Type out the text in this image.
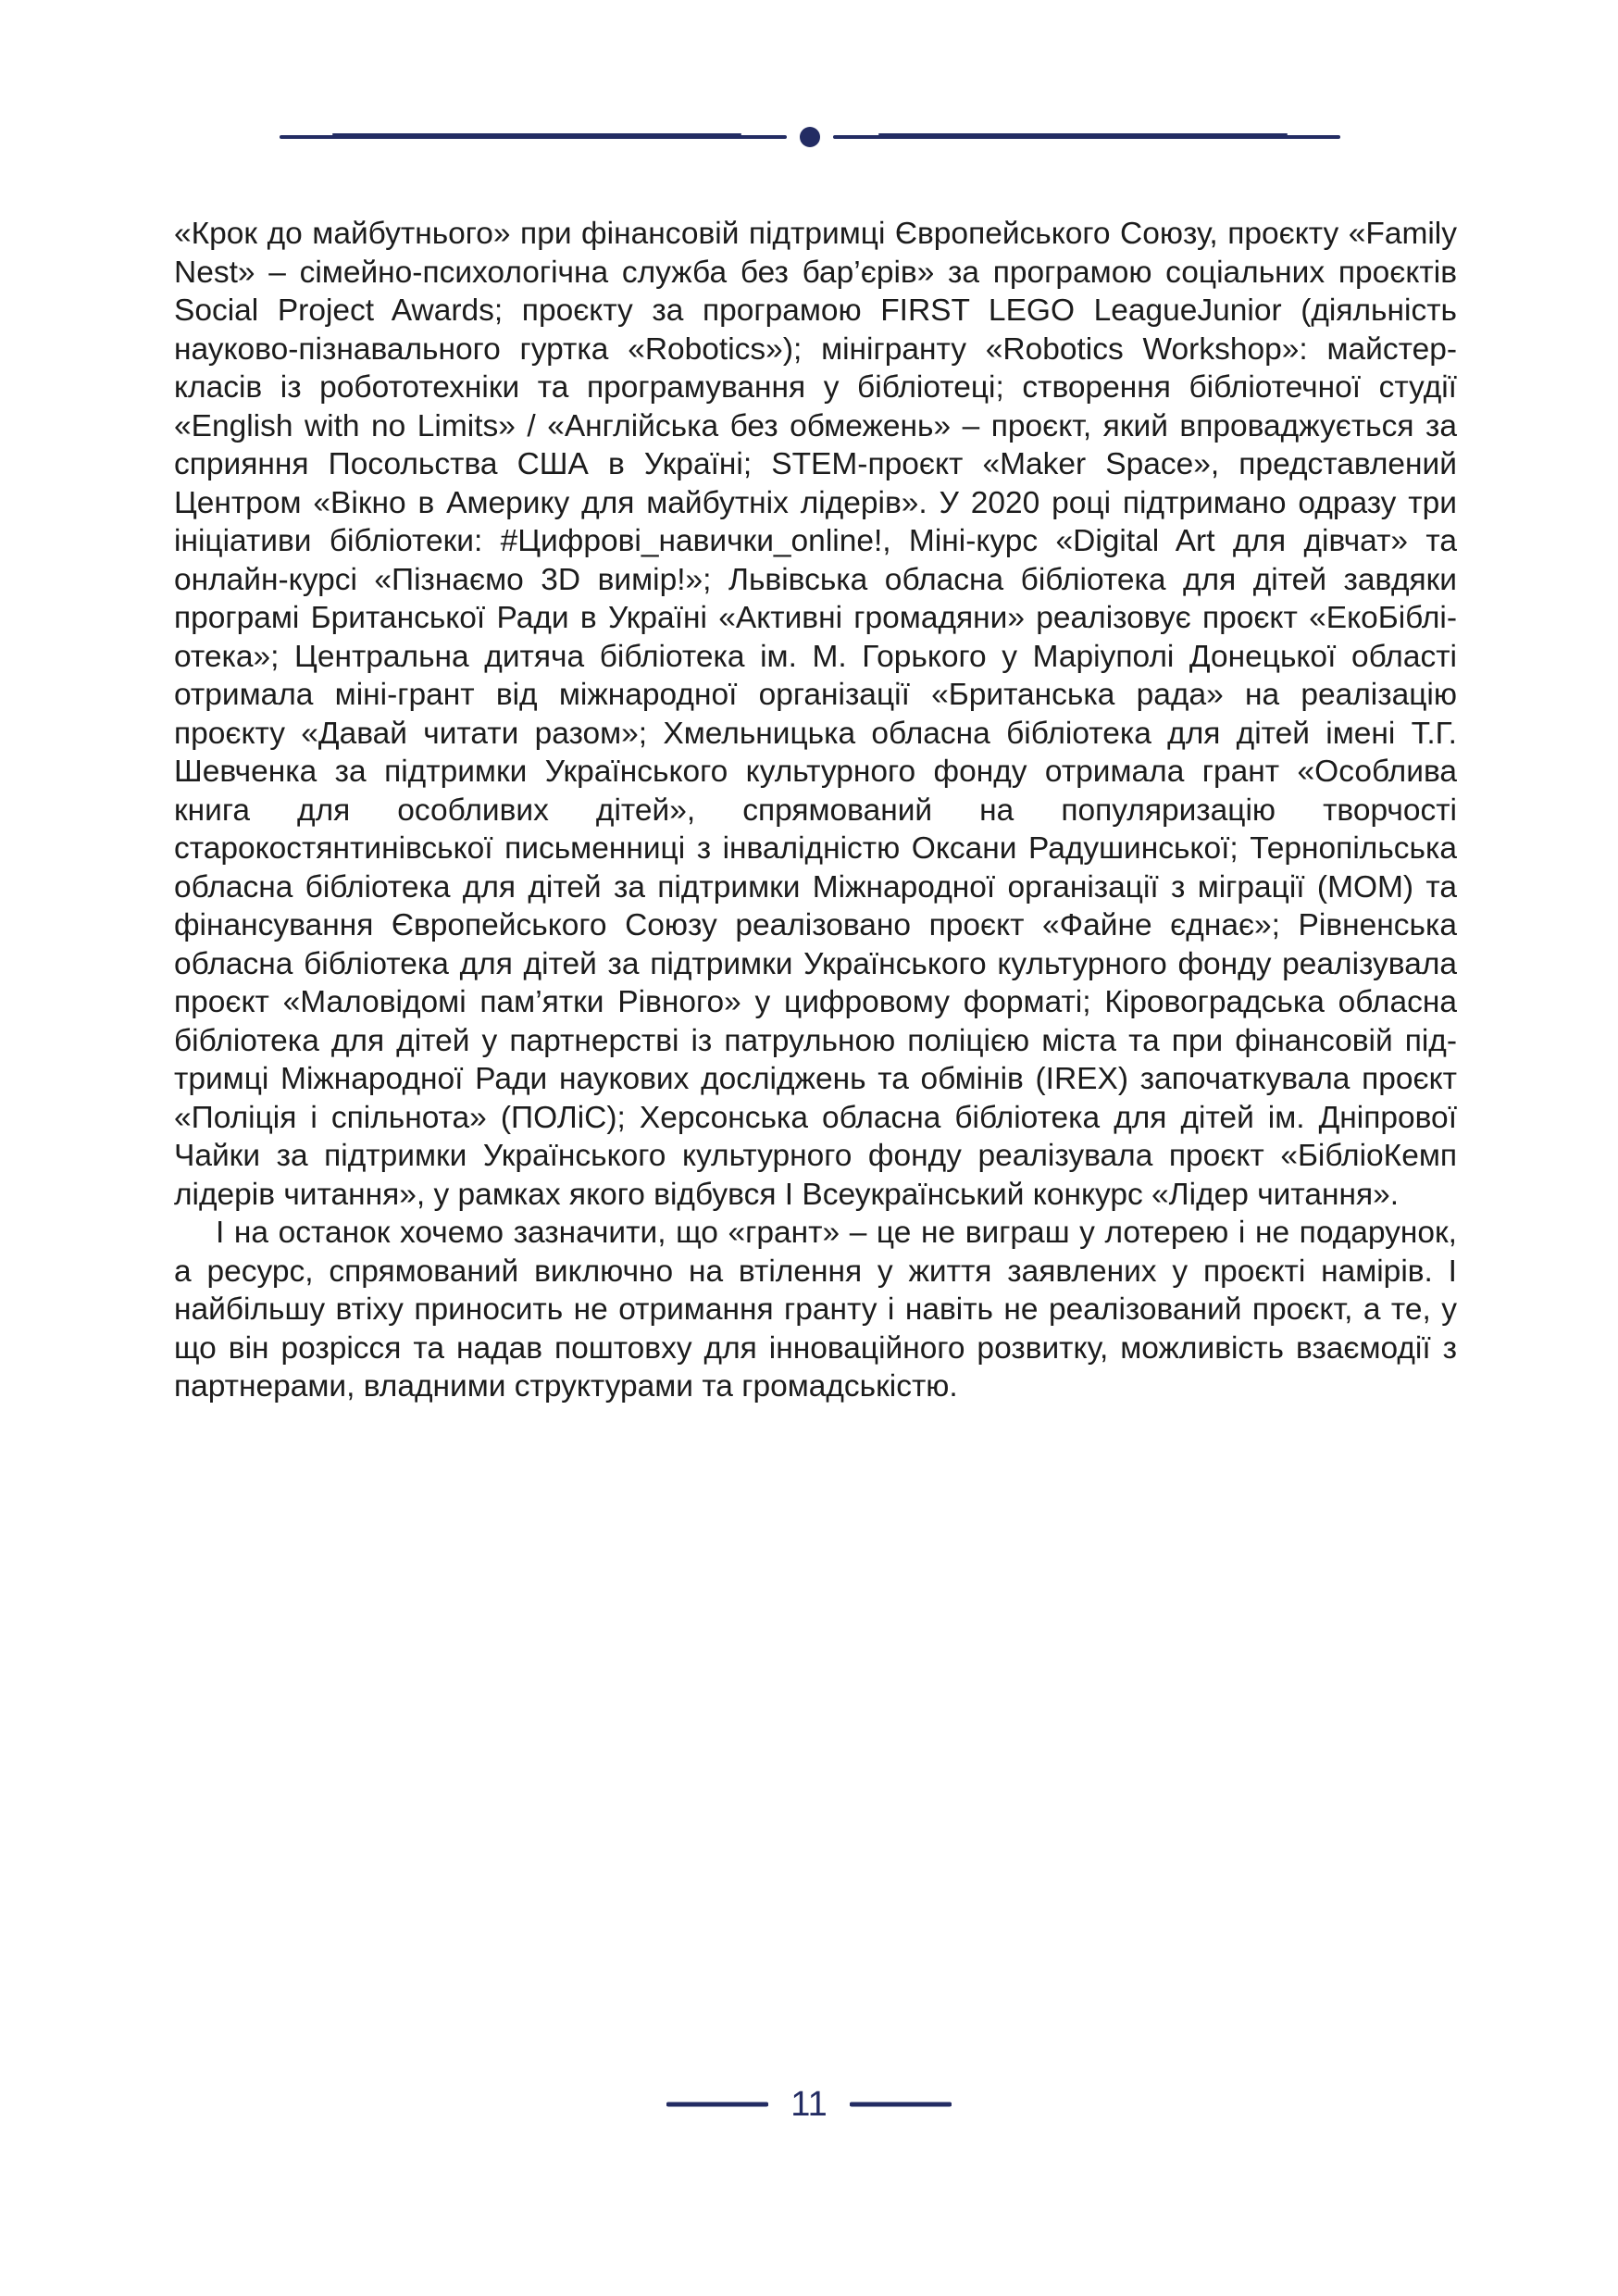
«Крок до майбутнього» при фінансовій підтримці Європейського Союзу, проєкту «Family Nest» – сімейно-психологічна служба без бар’єрів» за програмою соціальних проєктів Social Project Awards; проєкту за програмою FIRST LEGO LeagueJunior (діяльність науково-пізнавального гуртка «Robotics»); мінігранту «Robotics Workshop»: майстер-класів із робототехніки та програмування у бібліотеці; створення бібліотечної студії «English with no Limits» / «Англійська без обмежень» – проєкт, який впроваджується за сприяння Посольства США в Україні; STEM-проєкт «Maker Space», представлений Центром «Вікно в Америку для майбутніх лідерів». У 2020 році підтримано одразу три ініціативи бібліотеки: #Цифрові_навички_online!, Міні-курс «Digital Art для дівчат» та онлайн-курсі «Пізнаємо 3D вимір!»; Львівська обласна бібліотека для дітей завдяки програмі Британської Ради в Україні «Активні громадяни» реалізовує проєкт «ЕкоБібліотека»; Центральна дитяча бібліотека ім. М. Горького у Маріуполі Донецької області отримала міні-грант від міжнародної організації «Британська рада» на реалізацію проєкту «Давай читати разом»; Хмельницька обласна бібліотека для дітей імені Т.Г. Шевченка за підтримки Українського культурного фонду отримала грант «Особлива книга для особливих дітей», спрямований на популяризацію творчості старокостянтинівської письменниці з інвалідністю Оксани Радушинської; Тернопільська обласна бібліотека для дітей за підтримки Міжнародної організації з міграції (МОМ) та фінансування Європейського Союзу реалізовано проєкт «Файне єднає»; Рівненська обласна бібліотека для дітей за підтримки Українського культурного фонду реалізувала проєкт «Маловідомі пам’ятки Рівного» у цифровому форматі; Кіровоградська обласна бібліотека для дітей у партнерстві із патрульною поліцією міста та при фінансовій підтримці Міжнародної Ради наукових досліджень та обмінів (IREX) започаткувала проєкт «Поліція і спільнота» (ПОЛіС); Херсонська обласна бібліотека для дітей ім. Дніпрової Чайки за підтримки Українського культурного фонду реалізувала проєкт «БібліоКемп лідерів читання», у рамках якого відбувся І Всеукраїнський конкурс «Лідер читання».

І на останок хочемо зазначити, що «грант» – це не виграш у лотерею і не подарунок, а ресурс, спрямований виключно на втілення у життя заявлених у проєкті намірів. І найбільшу втіху приносить не отримання гранту і навіть не реалізований проєкт, а те, у що він розрісся та надав поштовху для інноваційного розвитку, можливість взаємодії з партнерами, владними структурами та громадськістю.

11
